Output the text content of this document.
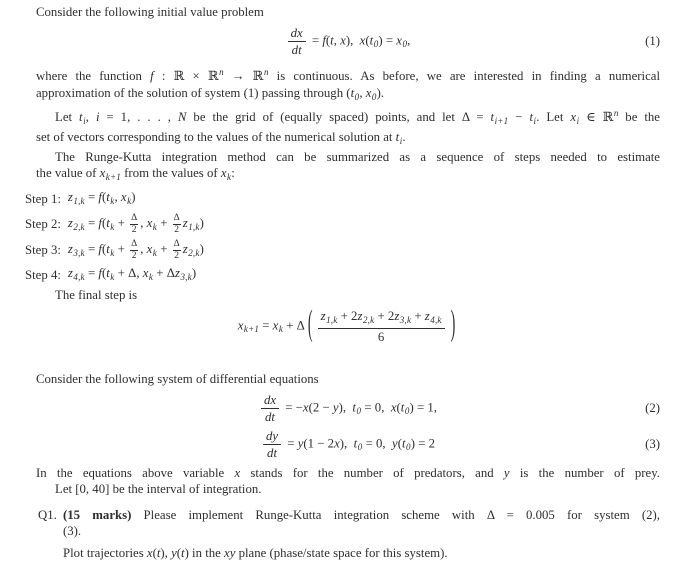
Consider the following initial value problem
$\frac{dx}{dt} = f(t$, x), $x(t_0) = x_0$,	(1)
where the function f : ℝ × ℝ$^n$ → ℝ$^n$ is continuous. As before, we are interested in finding a numerical
approximation of the solution of system (1) passing through ($t_0$, $x_0$).
Let $t_i$, i = 1, . . . , N be the grid of (equally spaced) points, and let $\Delta = t_{i+1} - t_i$. Let $x_i$ ∈ ℝ$^n$ be the
set of vectors corresponding to the values of the numerical solution at $t_i$.
The Runge-Kutta integration method can be summarized as a sequence of steps needed to estimate
the value of $x_{k+1}$ from the values of $x_k$:
Step 1: $z_{1,k} = f(t_k$, $x_k$)
Step 2: $z_{2,k} = f(t_k + \frac{\Delta}{2}$ , $x_k + \frac{\Delta}{2} z_{1,k}$)
Step 3: $z_{3,k} = f(t_k + \frac{\Delta}{2}$ , $x_k + \frac{\Delta}{2} z_{2,k}$)
Step 4: $z_{4,k} = f(t_k + \Delta$, $x_k + \Delta z_{3,k}$)
The final step is
$x_{k+1} = x_k + \Delta$ ( $\frac{z_{1,k} + 2z_{2,k} + 2z_{3,k} + z_{4,k}}{6}$ )
Consider the following system of differential equations
$\frac{dx}{dt} = -x(2 - y)$, $t_0 = 0$, $x(t_0) = 1$,	(2)
$\frac{dy}{dt} = y(1 - 2x)$, $t_0 = 0$, $y(t_0) = 2$	(3)
In the equations above variable x stands for the number of predators, and y is the number of prey.
Let [0, 40] be the interval of integration.
Q1. (15 marks) Please implement Runge-Kutta integration scheme with Δ = 0.005 for system (2),
(3).
Plot trajectories x(t), y(t) in the xy plane (phase/state space for this system).
